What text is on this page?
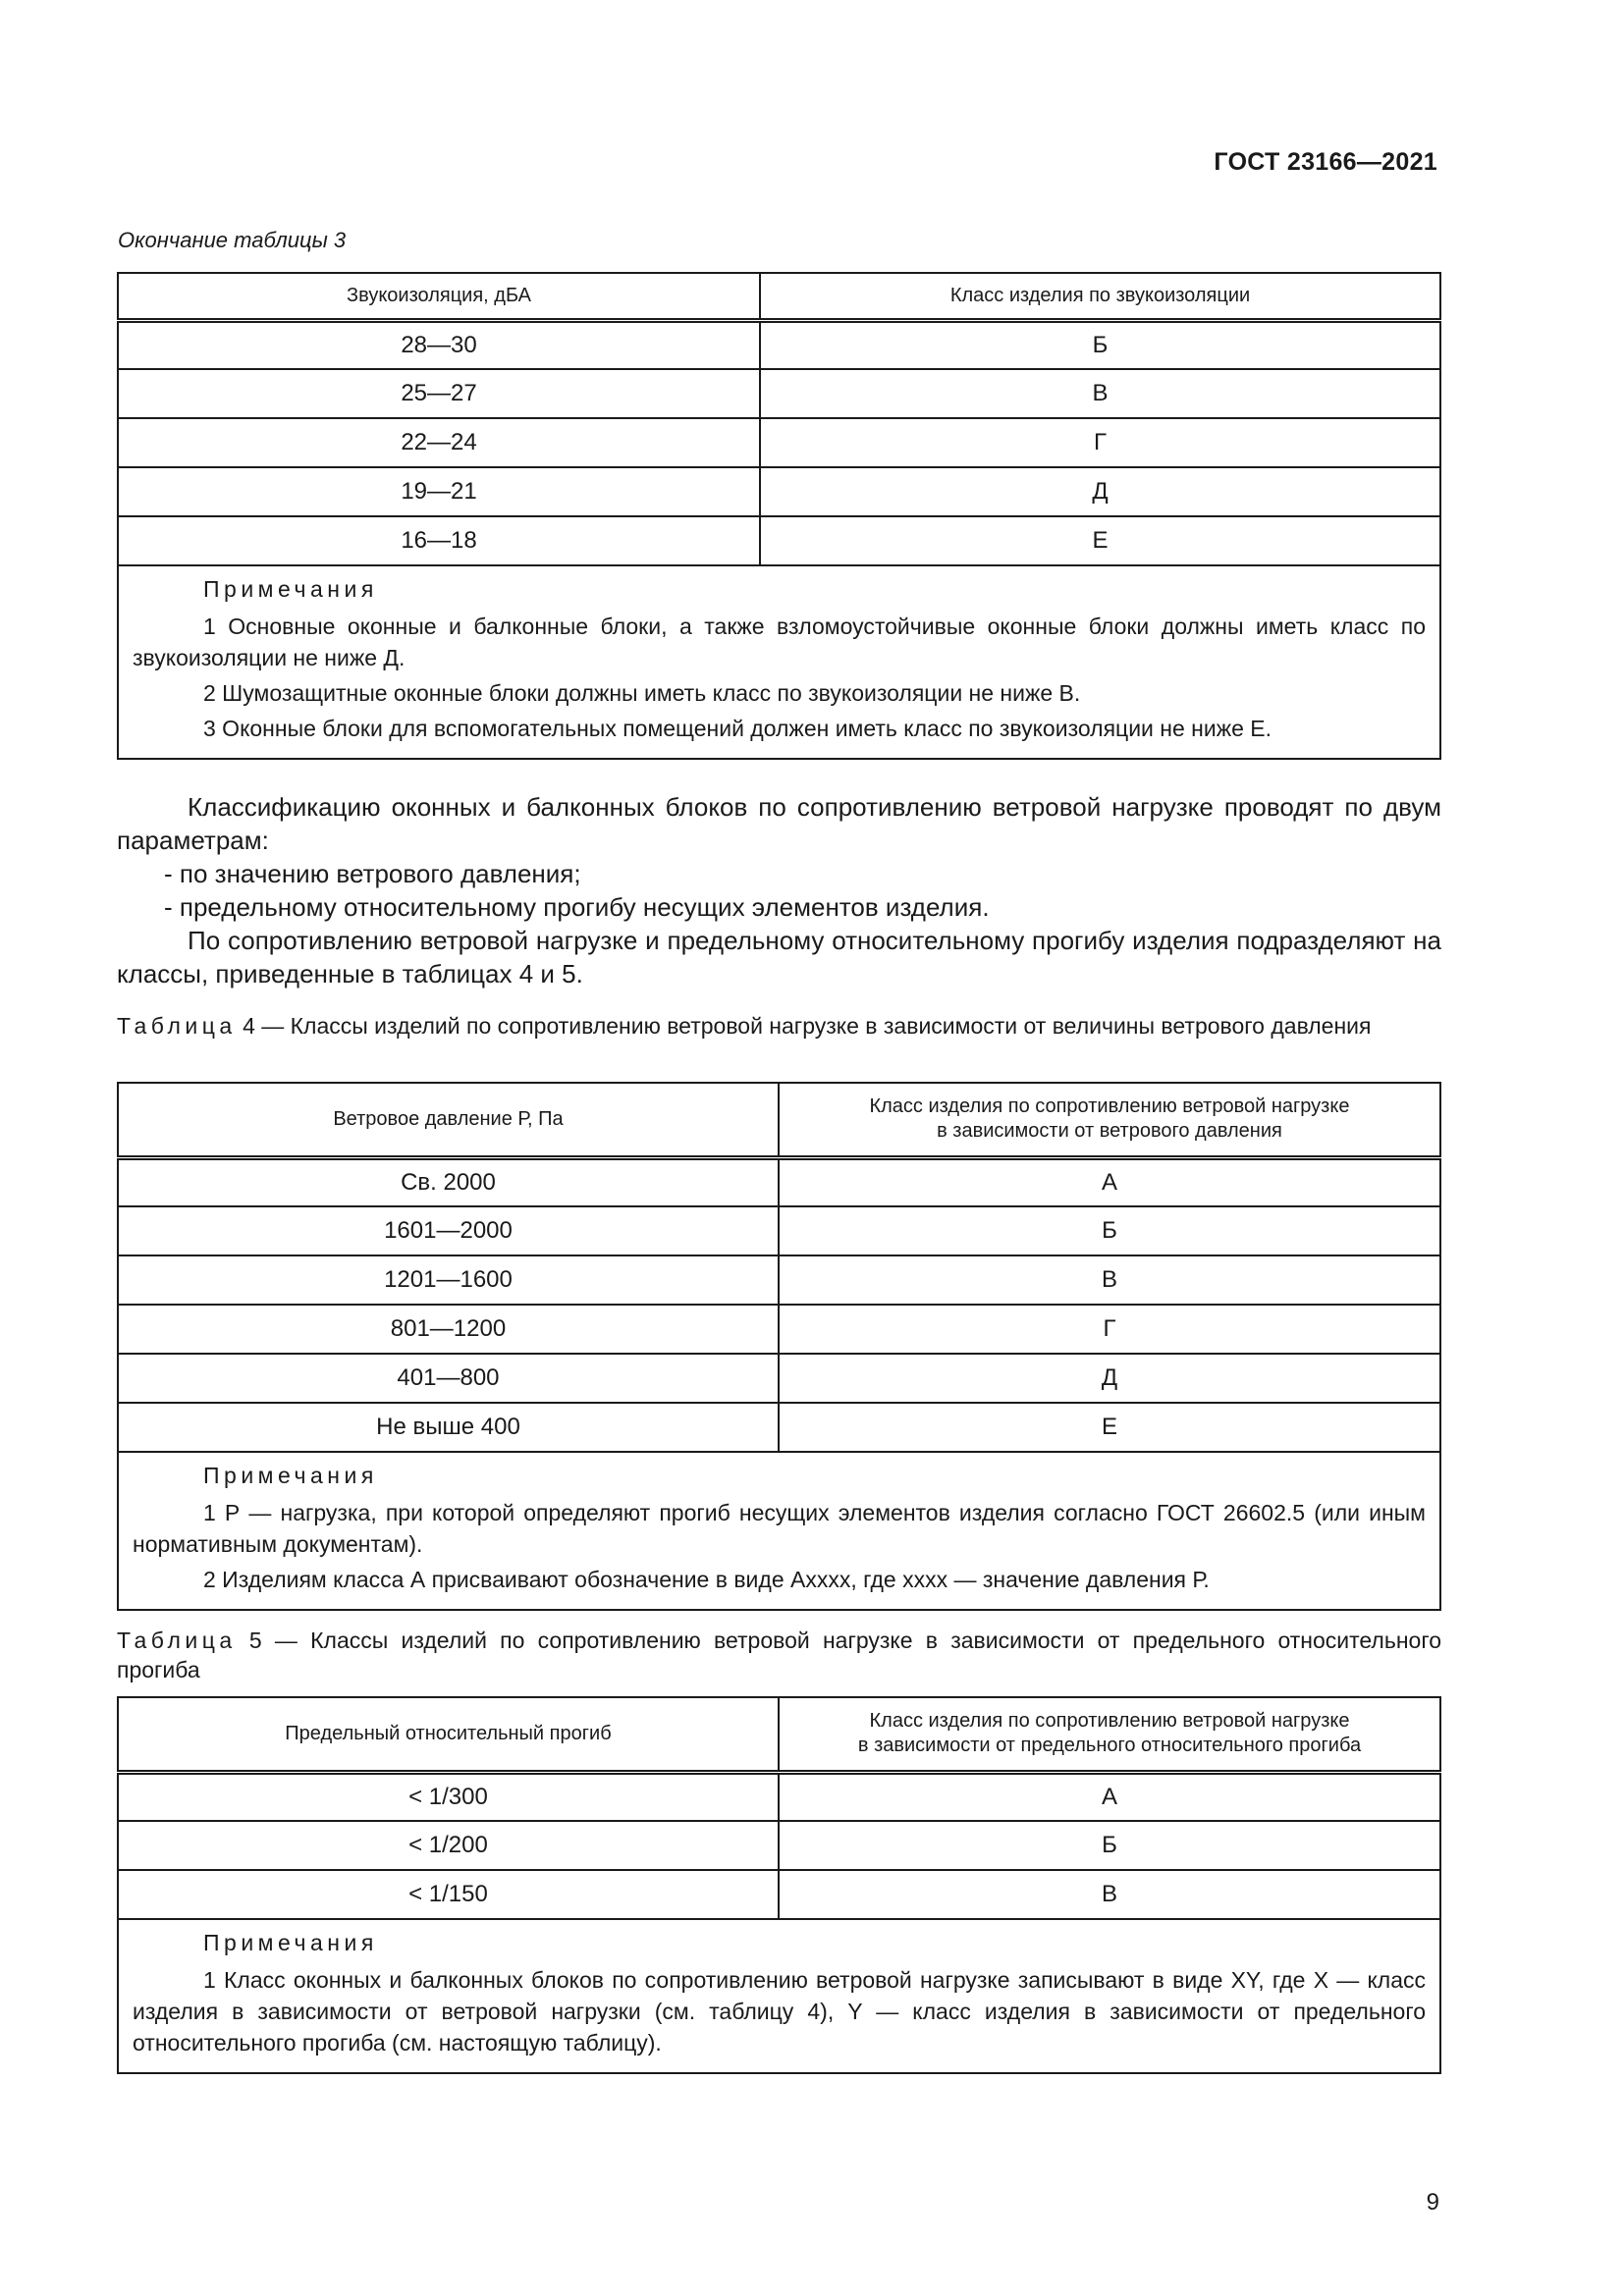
ГОСТ 23166—2021
Окончание таблицы 3
Звукоизоляция, дБА	Класс изделия по звукоизоляции
28—30	Б
25—27	В
22—24	Г
19—21	Д
16—18	Е

Примечания
1 Основные оконные и балконные блоки, а также взломоустойчивые оконные блоки должны иметь класс по звукоизоляции не ниже Д.
2 Шумозащитные оконные блоки должны иметь класс по звукоизоляции не ниже В.
3 Оконные блоки для вспомогательных помещений должен иметь класс по звукоизоляции не ниже Е.	
Классификацию оконных и балконных блоков по сопротивлению ветровой нагрузке проводят по двум параметрам:
- по значению ветрового давления;
- предельному относительному прогибу несущих элементов изделия.
По сопротивлению ветровой нагрузке и предельному относительному прогибу изделия подразделяют на классы, приведенные в таблицах 4 и 5.
Таблица 4 — Классы изделий по сопротивлению ветровой нагрузке в зависимости от величины ветрового давления
Ветровое давление Р, Па	Класс изделия по сопротивлению ветровой нагрузке
в зависимости от ветрового давления

Св. 2000	А
1601—2000	Б
1201—1600	В
801—1200	Г
401—800	Д
Не выше 400	Е

Примечания
1 Р — нагрузка, при которой определяют прогиб несущих элементов изделия согласно ГОСТ 26602.5 (или иным нормативным документам).
2 Изделиям класса А присваивают обозначение в виде Аxxxx, где xxxx — значение давления Р.	
Таблица 5 — Классы изделий по сопротивлению ветровой нагрузке в зависимости от предельного относительного прогиба
Предельный относительный прогиб	Класс изделия по сопротивлению ветровой нагрузке
в зависимости от предельного относительного прогиба

< 1/300	А
< 1/200	Б
< 1/150	В

Примечания
1 Класс оконных и балконных блоков по сопротивлению ветровой нагрузке записывают в виде XY, где X — класс изделия в зависимости от ветровой нагрузки (см. таблицу 4), Y — класс изделия в зависимости от предельного относительного прогиба (см. настоящую таблицу).	
9
